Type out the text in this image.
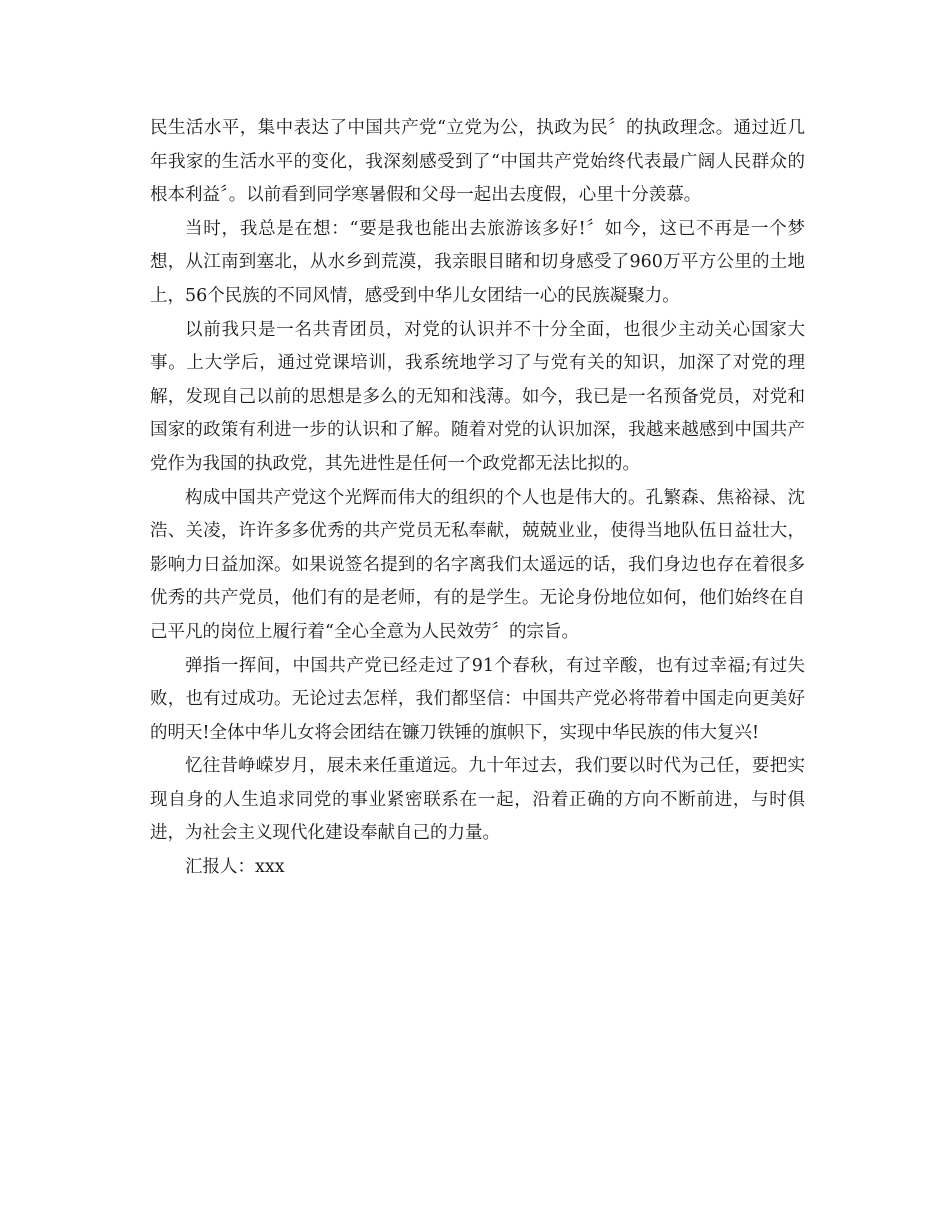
民生活水平，集中表达了中国共产党“立党为公，执政为民〞的执政理念。通过近几年我家的生活水平的变化，我深刻感受到了“中国共产党始终代表最广阔人民群众的根本利益〞。以前看到同学寒暑假和父母一起出去度假，心里十分羡慕。

当时，我总是在想：“要是我也能出去旅游该多好!〞如今，这已不再是一个梦想，从江南到塞北，从水乡到荒漠，我亲眼目睹和切身感受了960万平方公里的土地上，56个民族的不同风情，感受到中华儿女团结一心的民族凝聚力。

以前我只是一名共青团员，对党的认识并不十分全面，也很少主动关心国家大事。上大学后，通过党课培训，我系统地学习了与党有关的知识，加深了对党的理解，发现自己以前的思想是多么的无知和浅薄。如今，我已是一名预备党员，对党和国家的政策有利进一步的认识和了解。随着对党的认识加深，我越来越感到中国共产党作为我国的执政党，其先进性是任何一个政党都无法比拟的。

构成中国共产党这个光辉而伟大的组织的个人也是伟大的。孔繁森、焦裕禄、沈浩、关凌，许许多多优秀的共产党员无私奉献，兢兢业业，使得当地队伍日益壮大，影响力日益加深。如果说签名提到的名字离我们太遥远的话，我们身边也存在着很多优秀的共产党员，他们有的是老师，有的是学生。无论身份地位如何，他们始终在自己平凡的岗位上履行着“全心全意为人民效劳〞的宗旨。

弹指一挥间，中国共产党已经走过了91个春秋，有过辛酸，也有过幸福;有过失败，也有过成功。无论过去怎样，我们都坚信：中国共产党必将带着中国走向更美好的明天!全体中华儿女将会团结在镰刀铁锤的旗帜下，实现中华民族的伟大复兴!

忆往昔峥嵘岁月，展未来任重道远。九十年过去，我们要以时代为己任，要把实现自身的人生追求同党的事业紧密联系在一起，沿着正确的方向不断前进，与时俱进，为社会主义现代化建设奉献自己的力量。

汇报人：xxx
